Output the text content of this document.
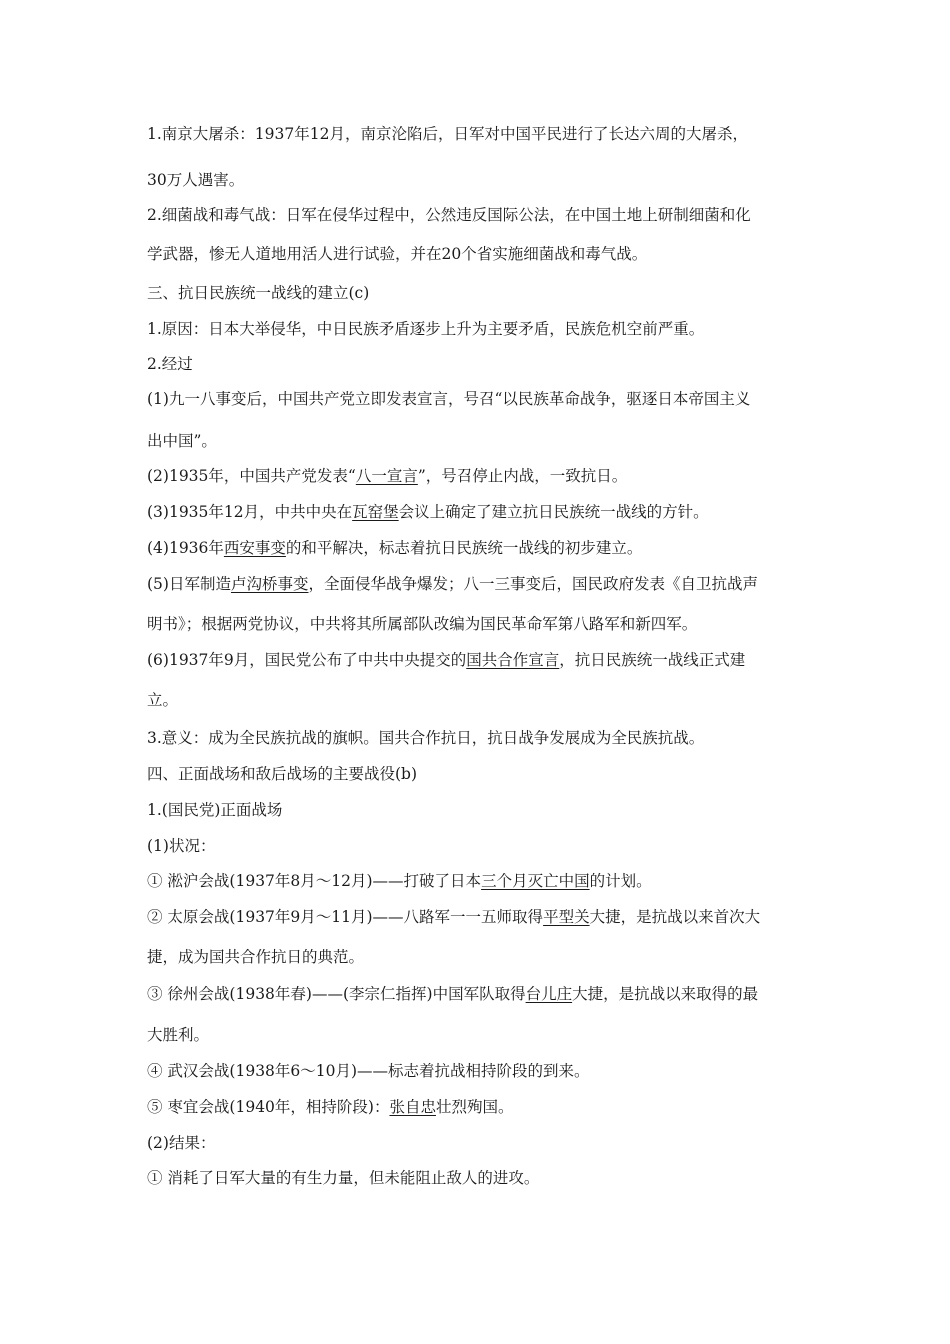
1.南京大屠杀：1937年12月，南京沦陷后，日军对中国平民进行了长达六周的大屠杀，
30万人遇害。
2.细菌战和毒气战：日军在侵华过程中，公然违反国际公法，在中国土地上研制细菌和化
学武器，惨无人道地用活人进行试验，并在20个省实施细菌战和毒气战。
三、抗日民族统一战线的建立(c)
1.原因：日本大举侵华，中日民族矛盾逐步上升为主要矛盾，民族危机空前严重。
2.经过
(1)九一八事变后，中国共产党立即发表宣言，号召“以民族革命战争，驱逐日本帝国主义
出中国”。
(2)1935年，中国共产党发表“八一宣言”，号召停止内战，一致抗日。
(3)1935年12月，中共中央在瓦窑堡会议上确定了建立抗日民族统一战线的方针。
(4)1936年西安事变的和平解决，标志着抗日民族统一战线的初步建立。
(5)日军制造卢沟桥事变，全面侵华战争爆发；八一三事变后，国民政府发表《自卫抗战声
明书》；根据两党协议，中共将其所属部队改编为国民革命军第八路军和新四军。
(6)1937年9月，国民党公布了中共中央提交的国共合作宣言，抗日民族统一战线正式建
立。
3.意义：成为全民族抗战的旗帜。国共合作抗日，抗日战争发展成为全民族抗战。
四、正面战场和敌后战场的主要战役(b)
1.(国民党)正面战场
(1)状况：
① 淞沪会战(1937年8月～12月)——打破了日本三个月灭亡中国的计划。
② 太原会战(1937年9月～11月)——八路军一一五师取得平型关大捷，是抗战以来首次大
捷，成为国共合作抗日的典范。
③ 徐州会战(1938年春)——(李宗仁指挥)中国军队取得台儿庄大捷，是抗战以来取得的最
大胜利。
④ 武汉会战(1938年6～10月)——标志着抗战相持阶段的到来。
⑤ 枣宜会战(1940年，相持阶段)：张自忠壮烈殉国。
(2)结果：
① 消耗了日军大量的有生力量，但未能阻止敌人的进攻。
